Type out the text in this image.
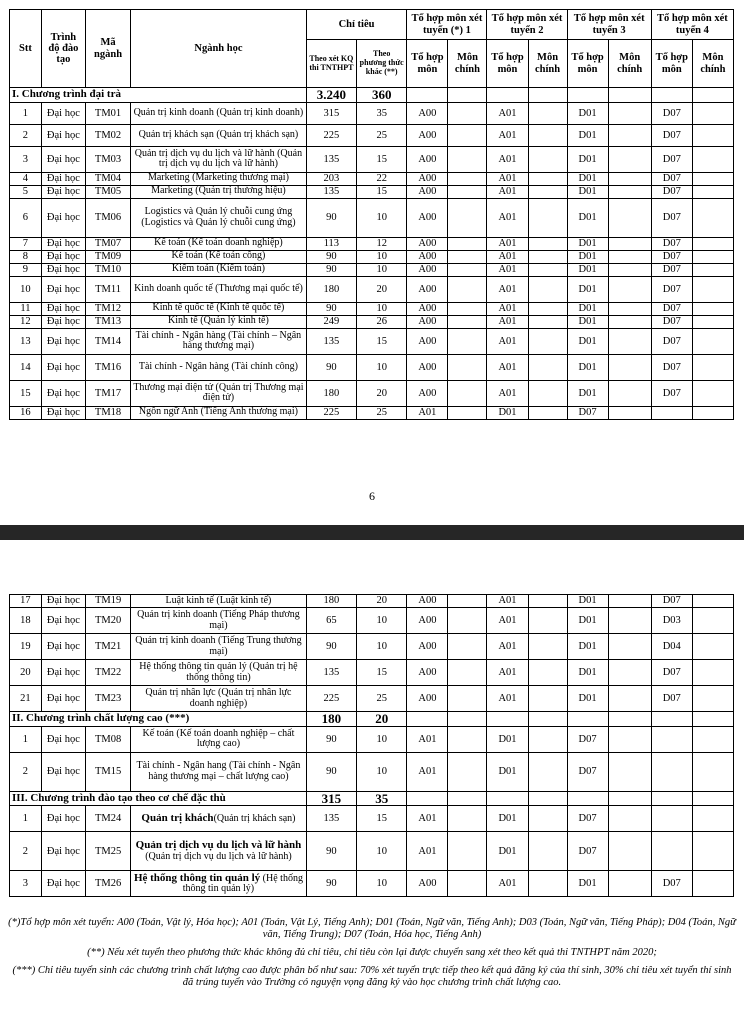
Stt	Trình độ đào tạo	Mã ngành	Ngành học	Chỉ tiêu		Tổ hợp môn xét tuyển (*) 1		Tổ hợp môn xét tuyển 2		Tổ hợp môn xét tuyển 3		Tổ hợp môn xét tuyển 4	
				Theo xét KQ thi TNTHPT	Theo phương thức khác (**)	Tổ hợp môn	Môn chính	Tổ hợp môn	Môn chính	Tổ hợp môn	Môn chính	Tổ hợp môn	Môn chính
I. Chương trình đại trà				3.240	360								
1	Đại học	TM01	Quản trị kinh doanh (Quản trị kinh doanh)	315	35	A00		A01		D01		D07	
2	Đại học	TM02	Quản trị khách sạn (Quản trị khách sạn)	225	25	A00		A01		D01		D07	
3	Đại học	TM03	Quản trị dịch vụ du lịch và lữ hành (Quản trị dịch vụ du lịch và lữ hành)	135	15	A00		A01		D01		D07	
4	Đại học	TM04	Marketing (Marketing thương mại)	203	22	A00		A01		D01		D07	
5	Đại học	TM05	Marketing (Quản trị thương hiệu)	135	15	A00		A01		D01		D07	
6	Đại học	TM06	Logistics và Quản lý chuỗi cung ứng (Logistics và Quản lý chuỗi cung ứng)	90	10	A00		A01		D01		D07	
7	Đại học	TM07	Kế toán (Kế toán doanh nghiệp)	113	12	A00		A01		D01		D07	
8	Đại học	TM09	Kế toán (Kế toán công)	90	10	A00		A01		D01		D07	
9	Đại học	TM10	Kiểm toán (Kiểm toán)	90	10	A00		A01		D01		D07	
10	Đại học	TM11	Kinh doanh quốc tế (Thương mại quốc tế)	180	20	A00		A01		D01		D07	
11	Đại học	TM12	Kinh tế quốc tế (Kinh tế quốc tế)	90	10	A00		A01		D01		D07	
12	Đại học	TM13	Kinh tế (Quản lý kinh tế)	249	26	A00		A01		D01		D07	
13	Đại học	TM14	Tài chính - Ngân hàng (Tài chính – Ngân hàng thương mại)	135	15	A00		A01		D01		D07	
14	Đại học	TM16	Tài chính - Ngân hàng (Tài chính công)	90	10	A00		A01		D01		D07	
15	Đại học	TM17	Thương mại điện tử (Quản trị Thương mại điện tử)	180	20	A00		A01		D01		D07	
16	Đại học	TM18	Ngôn ngữ Anh (Tiếng Anh thương mại)	225	25	A01		D01		D07			
6
17	Đại học	TM19	Luật kinh tế (Luật kinh tế)	180	20	A00		A01		D01		D07	
18	Đại học	TM20	Quản trị kinh doanh (Tiếng Pháp thương mại)	65	10	A00		A01		D01		D03	
19	Đại học	TM21	Quản trị kinh doanh (Tiếng Trung thương mại)	90	10	A00		A01		D01		D04	
20	Đại học	TM22	Hệ thống thông tin quản lý (Quản trị hệ thống thông tin)	135	15	A00		A01		D01		D07	
21	Đại học	TM23	Quản trị nhân lực (Quản trị nhân lực doanh nghiệp)	225	25	A00		A01		D01		D07	
II. Chương trình chất lượng cao (***)				180	20								
1	Đại học	TM08	Kế toán (Kế toán doanh nghiệp – chất lượng cao)	90	10	A01		D01		D07			
2	Đại học	TM15	Tài chính - Ngân hang (Tài chính - Ngân hàng thương mại – chất lượng cao)	90	10	A01		D01		D07			
III. Chương trình đào tạo theo cơ chế đặc thù				315	35								
1	Đại học	TM24	Quản trị khách(Quản trị khách sạn)	135	15	A01		D01		D07			
2	Đại học	TM25	Quản trị dịch vụ du lịch và lữ hành (Quản trị dịch vụ du lịch và lữ hành)	90	10	A01		D01		D07			
3	Đại học	TM26	Hệ thống thông tin quản lý (Hệ thống thông tin quản lý)	90	10	A00		A01		D01		D07	

(*)Tổ hợp môn xét tuyển: A00 (Toán, Vật lý, Hóa học); A01 (Toán, Vật Lý, Tiếng Anh); D01 (Toán, Ngữ văn, Tiếng Anh); D03 (Toán, Ngữ văn, Tiếng Pháp); D04 (Toán, Ngữ văn, Tiếng Trung); D07 (Toán, Hóa học, Tiếng Anh)

(**) Nếu xét tuyển theo phương thức khác không đủ chỉ tiêu, chỉ tiêu còn lại được chuyển sang xét theo kết quả thi TNTHPT năm 2020;

(***) Chỉ tiêu tuyển sinh các chương trình chất lượng cao được phân bổ như sau: 70% xét tuyển trực tiếp theo kết quả đăng ký của thí sinh, 30% chỉ tiêu xét tuyển thí sinh đã trúng tuyển vào Trường có nguyện vọng đăng ký vào học chương trình chất lượng cao.
